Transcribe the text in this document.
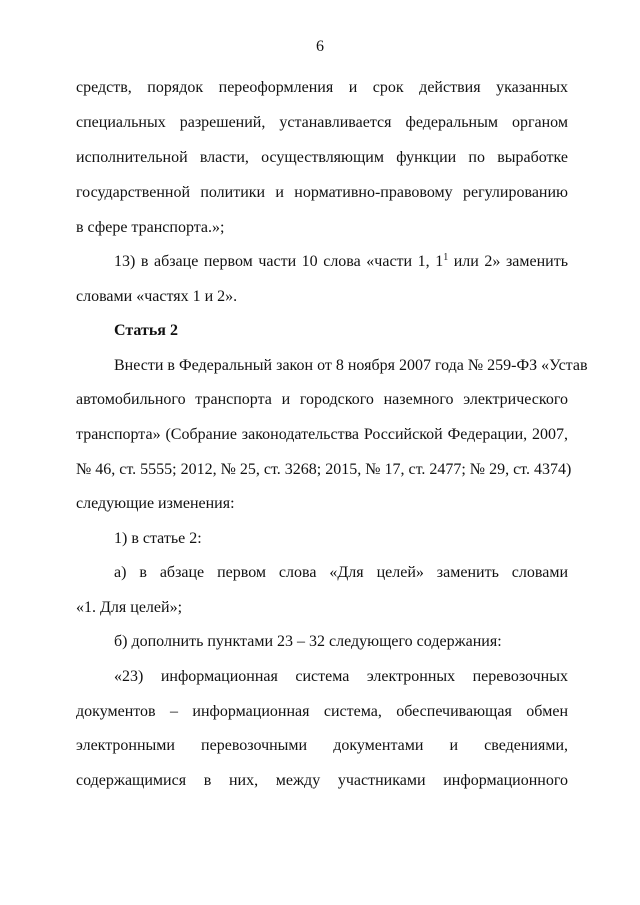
6
средств, порядок переоформления и срок действия указанных
специальных разрешений, устанавливается федеральным органом
исполнительной власти, осуществляющим функции по выработке
государственной политики и нормативно-правовому регулированию
в сфере транспорта.»;
13) в абзаце первом части 10 слова «части 1, $1^1$ или 2» заменить
словами «частях 1 и 2».
Статья 2
Внести в Федеральный закон от 8 ноября 2007 года № 259-ФЗ «Устав
автомобильного транспорта и городского наземного электрического
транспорта» (Собрание законодательства Российской Федерации, 2007,
№ 46, ст. 5555; 2012, № 25, ст. 3268; 2015, № 17, ст. 2477; № 29, ст. 4374)
следующие изменения:
1) в статье 2:
а) в абзаце первом слова «Для целей» заменить словами
«1. Для целей»;
б) дополнить пунктами 23 – 32 следующего содержания:
«23) информационная система электронных перевозочных
документов – информационная система, обеспечивающая обмен
электронными перевозочными документами и сведениями,
содержащимися в них, между участниками информационного
